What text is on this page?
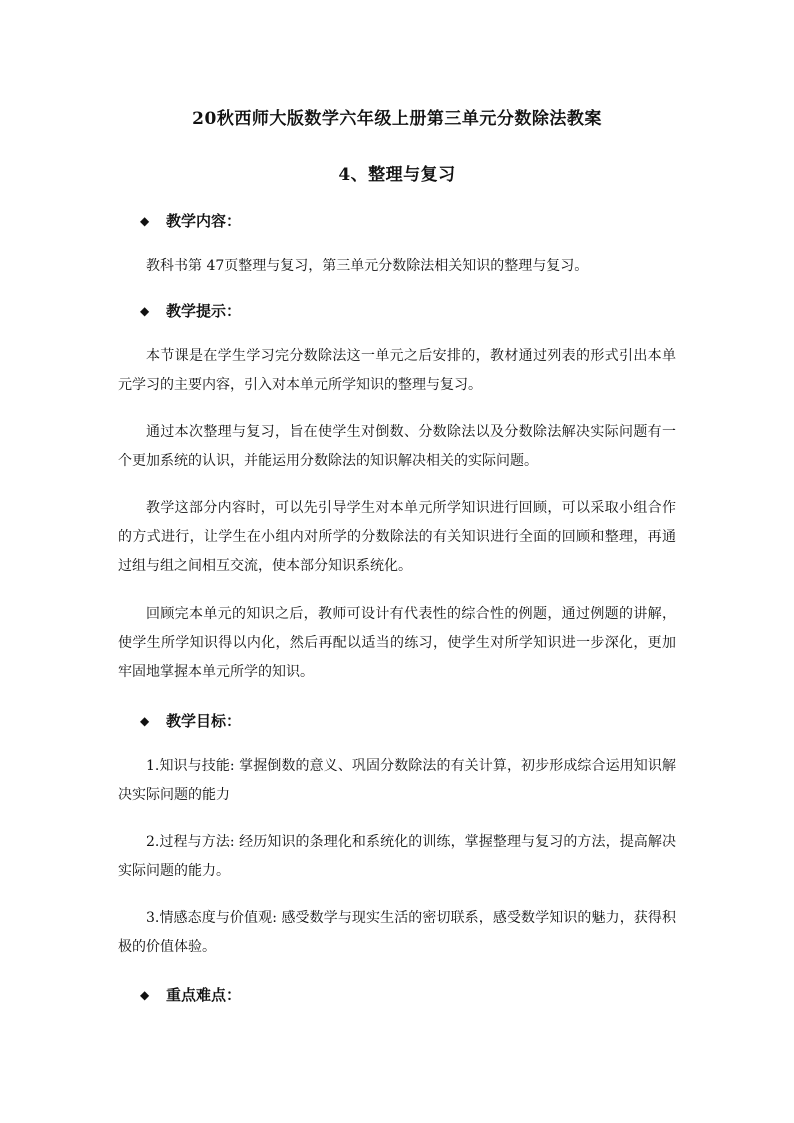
20秋西师大版数学六年级上册第三单元分数除法教案
4、整理与复习
◆	教学内容：

教科书第 47页整理与复习，第三单元分数除法相关知识的整理与复习。

◆	教学提示：

本节课是在学生学习完分数除法这一单元之后安排的，教材通过列表的形式引出本单元学习的主要内容，引入对本单元所学知识的整理与复习。

通过本次整理与复习，旨在使学生对倒数、分数除法以及分数除法解决实际问题有一个更加系统的认识，并能运用分数除法的知识解决相关的实际问题。

教学这部分内容时，可以先引导学生对本单元所学知识进行回顾，可以采取小组合作的方式进行，让学生在小组内对所学的分数除法的有关知识进行全面的回顾和整理，再通过组与组之间相互交流，使本部分知识系统化。

回顾完本单元的知识之后，教师可设计有代表性的综合性的例题，通过例题的讲解，使学生所学知识得以内化，然后再配以适当的练习，使学生对所学知识进一步深化，更加牢固地掌握本单元所学的知识。

◆	教学目标：

1.知识与技能: 掌握倒数的意义、巩固分数除法的有关计算，初步形成综合运用知识解决实际问题的能力

2.过程与方法: 经历知识的条理化和系统化的训练，掌握整理与复习的方法，提高解决实际问题的能力。

3.情感态度与价值观: 感受数学与现实生活的密切联系，感受数学知识的魅力，获得积极的价值体验。

◆	重点难点：
